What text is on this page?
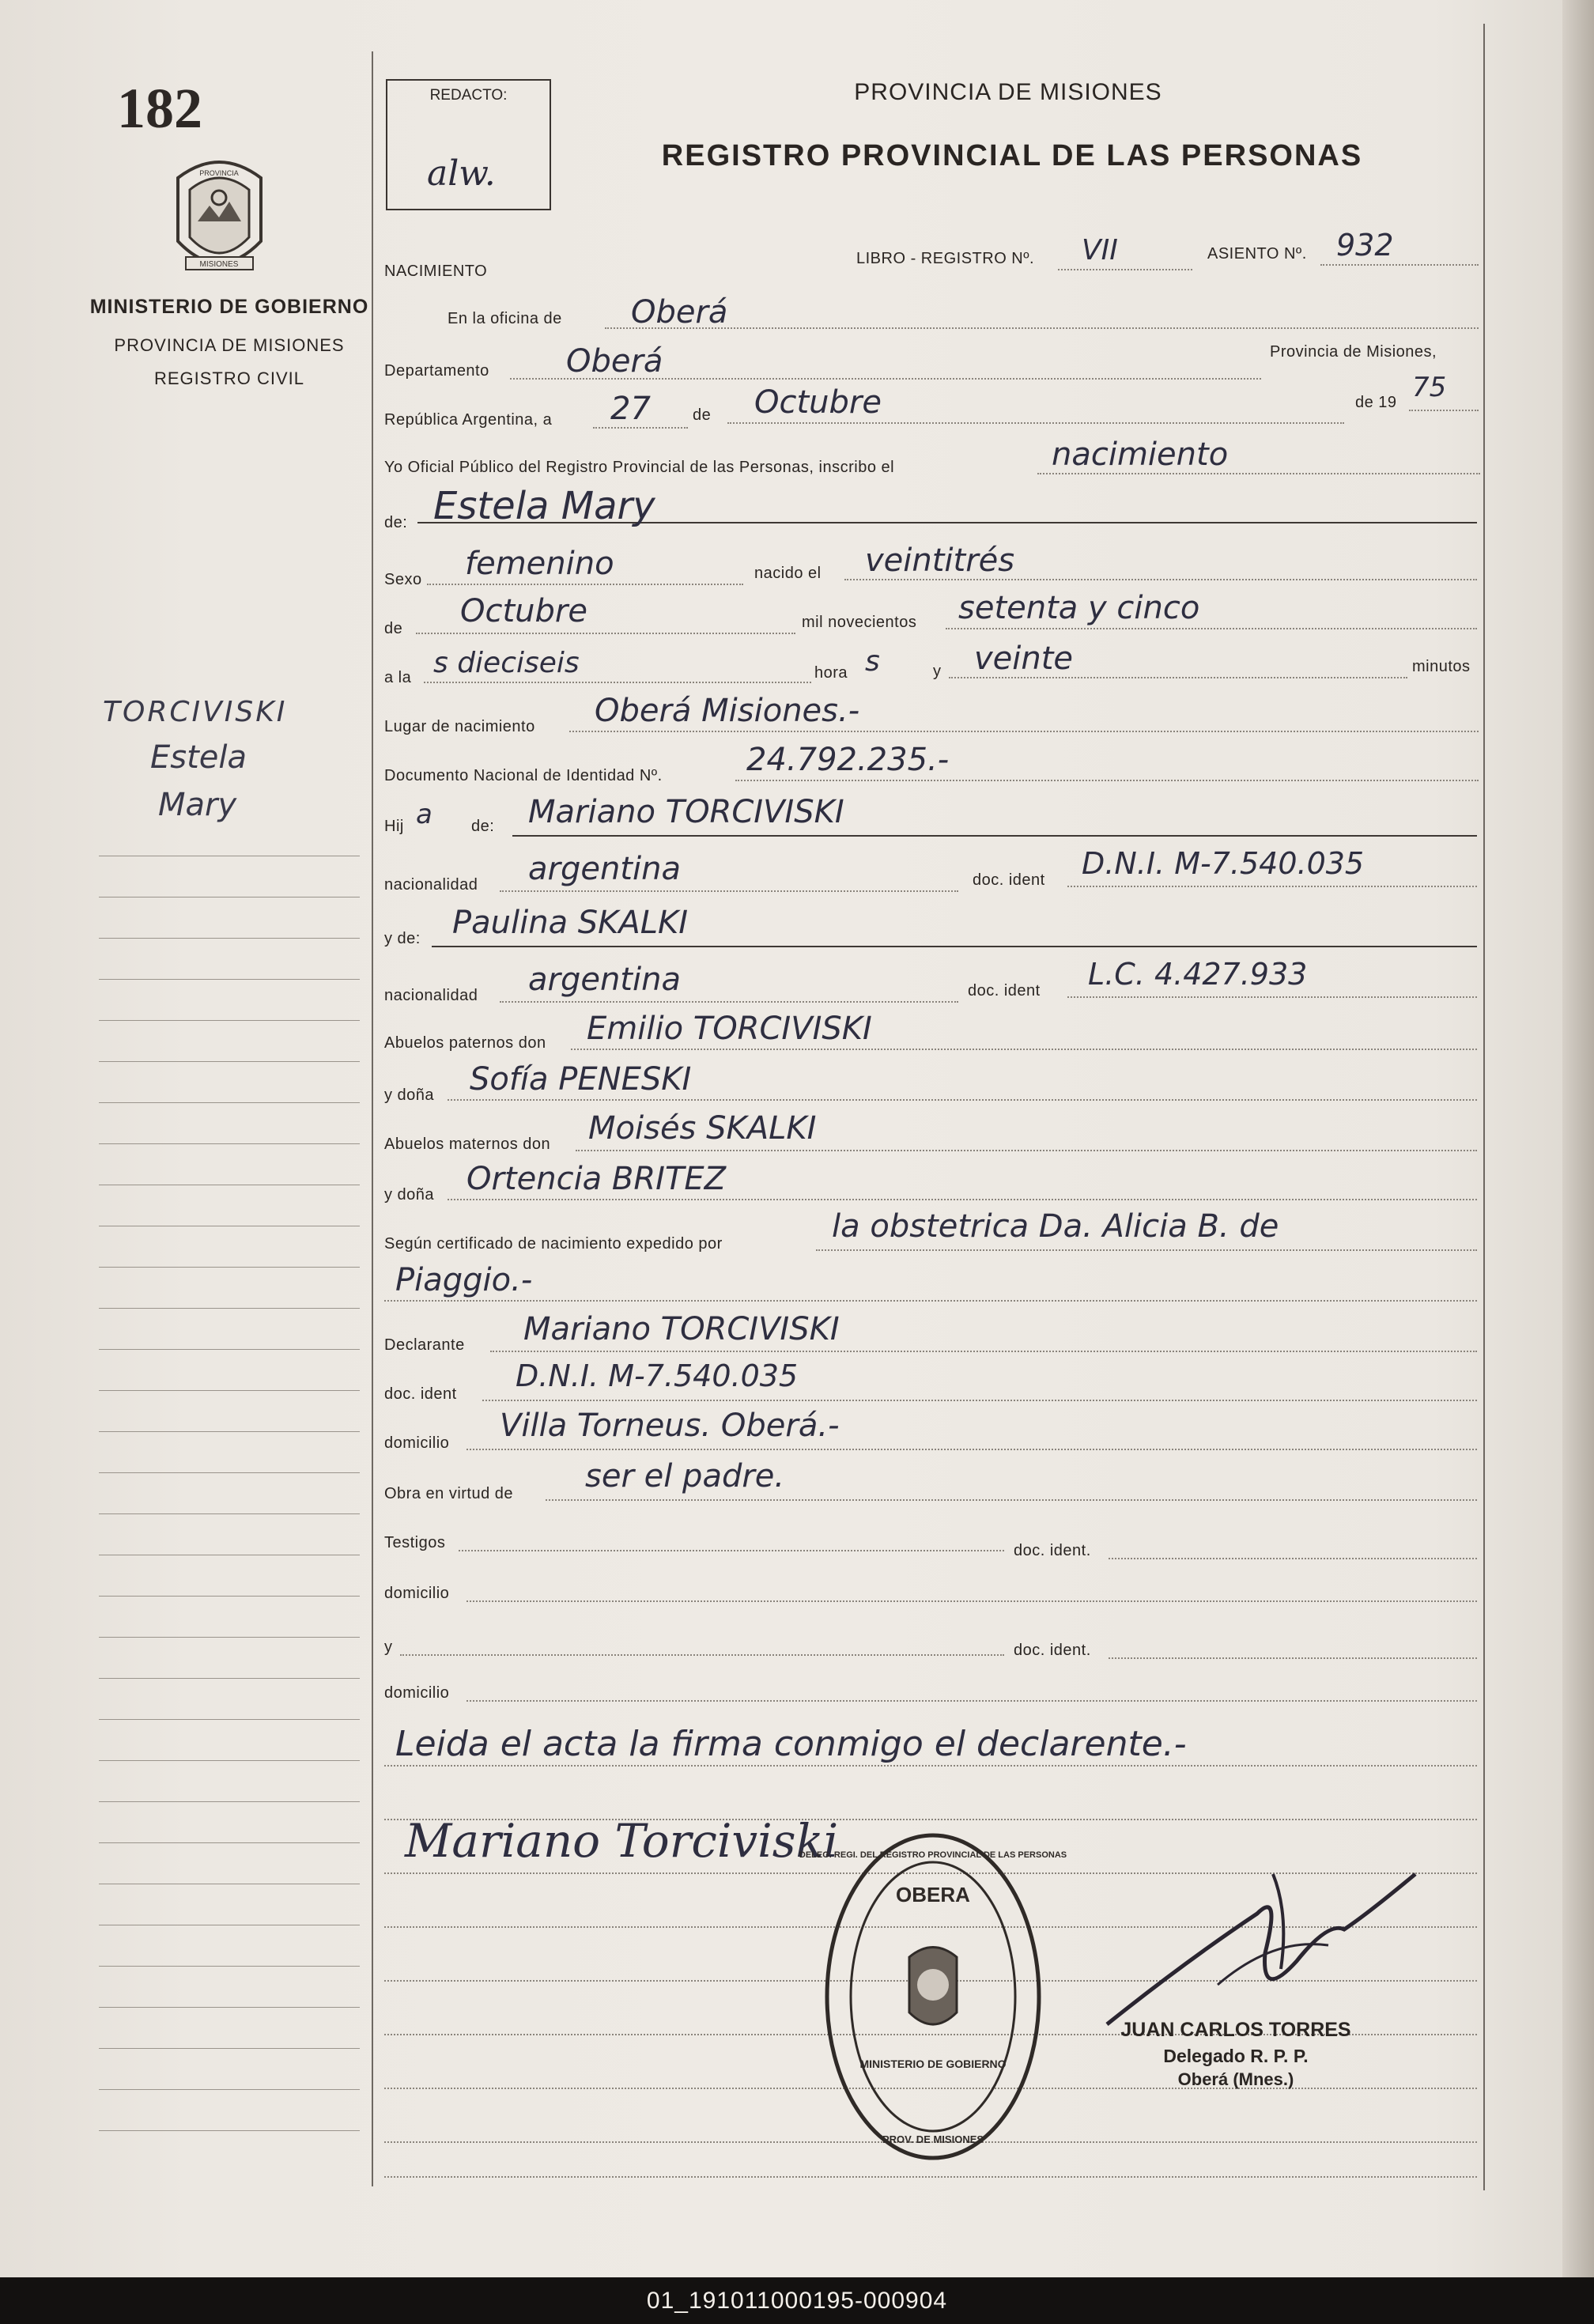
182
PROVINCIA
MISIONES
MINISTERIO DE GOBIERNO
PROVINCIA DE MISIONES
REGISTRO CIVIL
TORCIVISKI
Estela
Mary
REDACTO:
alw.
PROVINCIA DE MISIONES
REGISTRO PROVINCIAL DE LAS PERSONAS
NACIMIENTO
LIBRO - REGISTRO Nº. VII	ASIENTO Nº. 932
En la oficina de Oberá
Departamento Oberá	Provincia de Misiones,
República Argentina, a 27	de Octubre	de 19 75
Yo Oficial Público del Registro Provincial de las Personas, inscribo el	nacimiento
de: Estela Mary
Sexo femenino	nacido el veintitrés
de Octubre	mil novecientos setenta y cinco
a la s dieciseis	hora s	y veinte	minutos
Lugar de nacimiento Oberá Misiones.-
Documento Nacional de Identidad Nº.	24.792.235.-
Hij a de: Mariano TORCIVISKI
nacionalidad argentina	doc. ident D.N.I. M-7.540.035
y de: Paulina SKALKI
nacionalidad argentina	doc. ident L.C. 4.427.933
Abuelos paternos don Emilio TORCIVISKI
y doña Sofía PENESKI
Abuelos maternos don Moisés SKALKI
y doña Ortencia BRITEZ
Según certificado de nacimiento expedido por	la obstetrica Da. Alicia B. de
Piaggio.-
Declarante Mariano TORCIVISKI
doc. ident
D.N.I. M-7.540.035
domicilio Villa Torneus. Oberá.-
Obra en virtud de ser el padre.
Testigos	doc. ident.
domicilio
y	doc. ident.
domicilio
Leida el acta la firma conmigo el declarente.-
Mariano Torciviski
OBERA
MINISTERIO DE GOBIERNO
PROV. DE MISIONES
DELEG. REGI. DEL REGISTRO PROVINCIAL DE LAS PERSONAS
JUAN CARLOS TORRES
Delegado R. P. P.
Oberá (Mnes.)
01_191011000195-000904
